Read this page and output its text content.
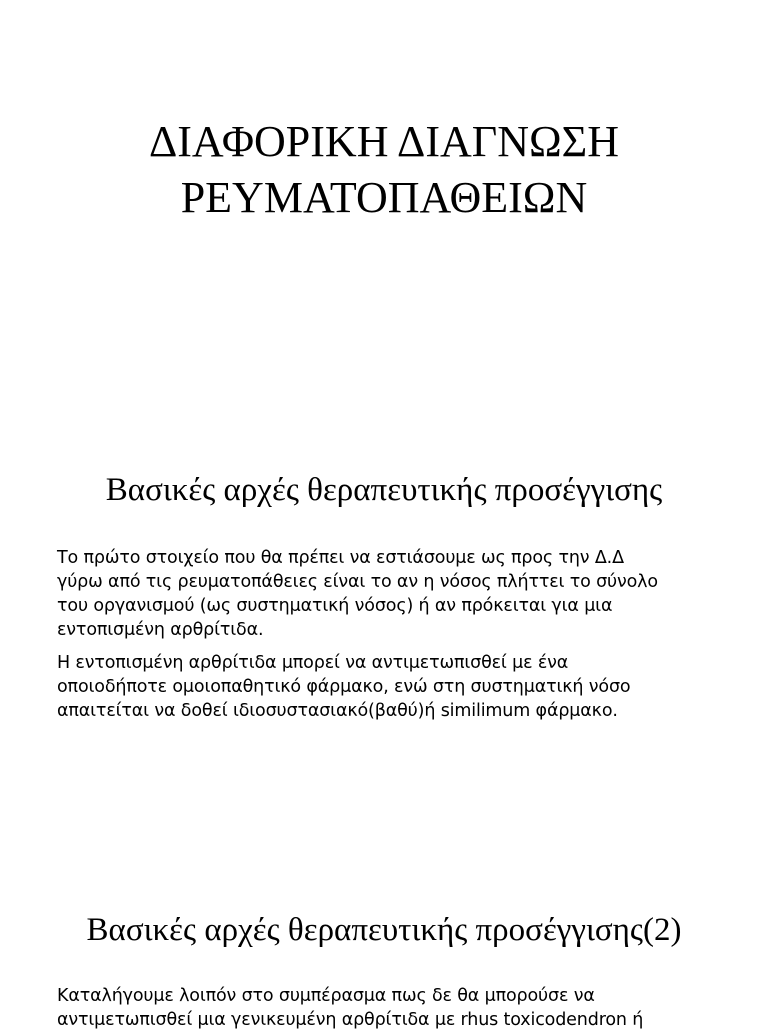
ΔΙΑΦΟΡΙΚΗ ΔΙΑΓΝΩΣΗ
ΡΕΥΜΑΤΟΠΑΘΕΙΩΝ
Βασικές αρχές θεραπευτικής προσέγγισης

Το πρώτο στοιχείο που θα πρέπει να εστιάσουμε ως προς την Δ.Δ
γύρω από τις ρευματοπάθειες είναι το αν η νόσος πλήττει το σύνολο
του οργανισμού (ως συστηματική νόσος) ή αν πρόκειται για μια
εντοπισμένη αρθρίτιδα.

Η εντοπισμένη αρθρίτιδα μπορεί να αντιμετωπισθεί με ένα
οποιοδήποτε ομοιοπαθητικό φάρμακο, ενώ στη συστηματική νόσο
απαιτείται να δοθεί ιδιοσυστασιακό(βαθύ)ή similimum φάρμακο.

Βασικές αρχές θεραπευτικής προσέγγισης(2)

Καταλήγουμε λοιπόν στο συμπέρασμα πως δε θα μπορούσε να
αντιμετωπισθεί μια γενικευμένη αρθρίτιδα με rhus toxicodendron ή
